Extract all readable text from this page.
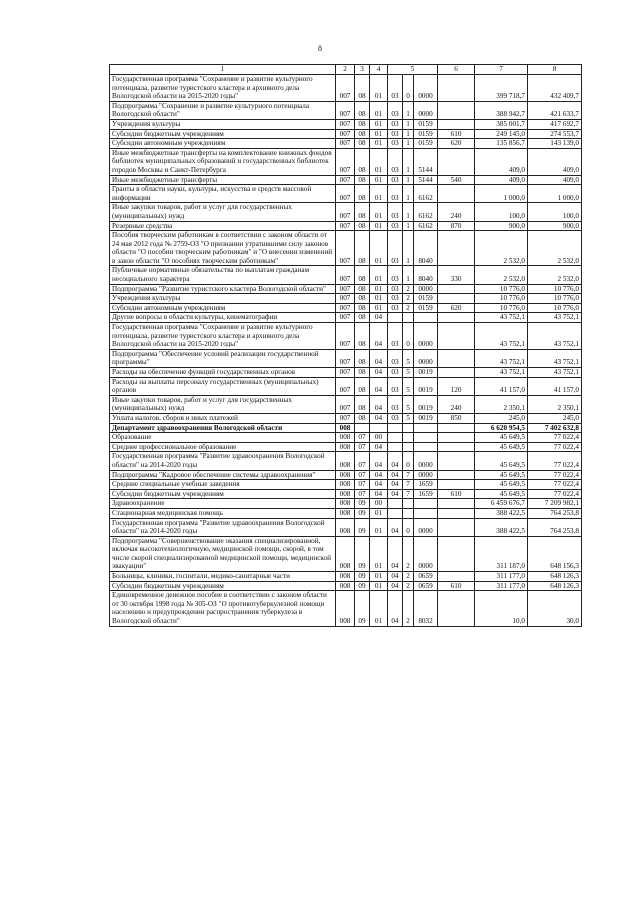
8
1	2	3	4	5			6	7	8
Государственная программа "Сохранение и развитие культурного потенциала, развитие туристского кластера и архивного дела Вологодской области на 2015-2020 годы"	007	08	01	03	0	0000		399 718,7	432 409,7
Подпрограмма "Сохранение и развитие культурного потенциала Вологодской области"	007	08	01	03	1	0000		388 942,7	421 633,7
Учреждения культуры	007	08	01	03	1	0159		385 001,7	417 692,7
Субсидии бюджетным учреждениям	007	08	01	03	1	0159	610	249 145,0	274 553,7
Субсидии автономным учреждениям	007	08	01	03	1	0159	620	135 856,7	143 139,0
Иные межбюджетные трансферты на комплектование книжных фондов библиотек муниципальных образований и государственных библиотек городов Москвы и Санкт-Петербурга	007	08	01	03	1	5144		409,0	409,0
Иные межбюджетные трансферты	007	08	01	03	1	5144	540	409,0	409,0
Гранты в области науки, культуры, искусства и средств массовой информации	007	08	01	03	1	6162		1 000,0	1 000,0
Иные закупки товаров, работ и услуг для государственных (муниципальных) нужд	007	08	01	03	1	6162	240	100,0	100,0
Резервные средства	007	08	01	03	1	6162	870	900,0	900,0
Пособия творческим работникам в соответствии с законом области от 24 мая 2012 года № 2759-ОЗ "О признании утратившими силу законов области "О пособии творческим работникам" и "О внесении изменений в закон области "О пособиях творческим работникам"	007	08	01	03	1	8040		2 532,0	2 532,0
Публичные нормативные обязательства по выплатам гражданам несоциального характера	007	08	01	03	1	8040	330	2 532,0	2 532,0
Подпрограмма "Развитие туристского кластера Вологодской области"	007	08	01	03	2	0000		10 776,0	10 776,0
Учреждения культуры	007	08	01	03	2	0159		10 776,0	10 776,0
Субсидии автономным учреждениям	007	08	01	03	2	0159	620	10 776,0	10 776,0
Другие вопросы в области культуры, кинематографии	007	08	04					43 752,1	43 752,1
Государственная программа "Сохранение и развитие культурного потенциала, развитие туристского кластера и архивного дела Вологодской области на 2015-2020 годы"	007	08	04	03	0	0000		43 752,1	43 752,1
Подпрограмма "Обеспечение условий реализации государственной программы"	007	08	04	03	5	0000		43 752,1	43 752,1
Расходы на обеспечение функций государственных органов	007	08	04	03	5	0019		43 752,1	43 752,1
Расходы на выплаты персоналу государственных (муниципальных) органов	007	08	04	03	5	0019	120	41 157,0	41 157,0
Иные закупки товаров, работ и услуг для государственных (муниципальных) нужд	007	08	04	03	5	0019	240	2 350,1	2 350,1
Уплата налогов, сборов и иных платежей	007	08	04	03	5	0019	850	245,0	245,0
Департамент здравоохранения Вологодской области	008							6 620 954,5	7 402 632,8
Образование	008	07	00					45 649,5	77 022,4
Среднее профессиональное образование	008	07	04					45 649,5	77 022,4
Государственная программа "Развитие здравоохранения Вологодской области" на 2014-2020 годы	008	07	04	04	0	0000		45 649,5	77 022,4
Подпрограмма "Кадровое обеспечение системы здравоохранения"	008	07	04	04	7	0000		45 649,5	77 022,4
Средние специальные учебные заведения	008	07	04	04	7	1659		45 649,5	77 022,4
Субсидии бюджетным учреждениям	008	07	04	04	7	1659	610	45 649,5	77 022,4
Здравоохранение	008	09	00					6 459 676,7	7 209 982,1
Стационарная медицинская помощь	008	09	01					388 422,5	764 253,8
Государственная программа "Развитие здравоохранения Вологодской области" на 2014-2020 годы	008	09	01	04	0	0000		388 422,5	764 253,8
Подпрограмма "Совершенствование оказания специализированной, включая высокотехнологичную, медицинской помощи, скорой, в том числе скорой специализированной медицинской помощи, медицинской эвакуации"	008	09	01	04	2	0000		311 187,0	648 156,3
Больницы, клиники, госпитали, медико-санитарные части	008	09	01	04	2	0659		311 177,0	648 126,3
Субсидии бюджетным учреждениям	008	09	01	04	2	0659	610	311 177,0	648 126,3
Единовременное денежное пособие в соответствии с законом области от 30 октября 1998 года № 305-ОЗ "О противотуберкулезной помощи населению и предупреждении распространения туберкулеза в Вологодской области"	008	09	01	04	2	8032		10,0	30,0
